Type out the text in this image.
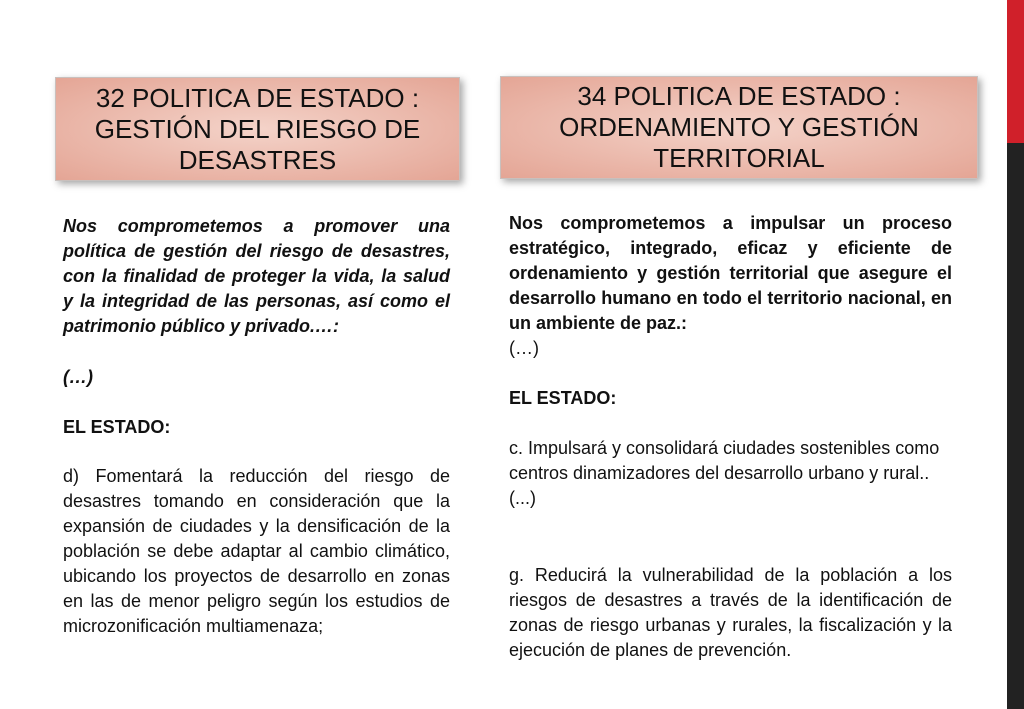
32 POLITICA DE ESTADO :
GESTIÓN DEL RIESGO DE
DESASTRES
34 POLITICA DE ESTADO :
ORDENAMIENTO Y GESTIÓN
TERRITORIAL

Nos comprometemos a promover una política de gestión del riesgo de desastres, con la finalidad de proteger la vida, la salud y la integridad de las personas, así como el patrimonio público y privado.…:

(…)

EL ESTADO:

d) Fomentará la reducción del riesgo de desastres tomando en consideración que la expansión de ciudades y la densificación de la población se debe adaptar al cambio climático, ubicando los proyectos de desarrollo en zonas en las de menor peligro según los estudios de microzonificación multiamenaza;

Nos comprometemos a impulsar un proceso estratégico, integrado, eficaz y eficiente de ordenamiento y gestión territorial que asegure el desarrollo humano en todo el territorio nacional, en un ambiente de paz.:

(…)

EL ESTADO:

c. Impulsará y consolidará ciudades sostenibles como centros dinamizadores del desarrollo urbano y rural.. (...)

g. Reducirá la vulnerabilidad de la población a los riesgos de desastres a través de la identificación de zonas de riesgo urbanas y rurales, la fiscalización y la ejecución de planes de prevención.
